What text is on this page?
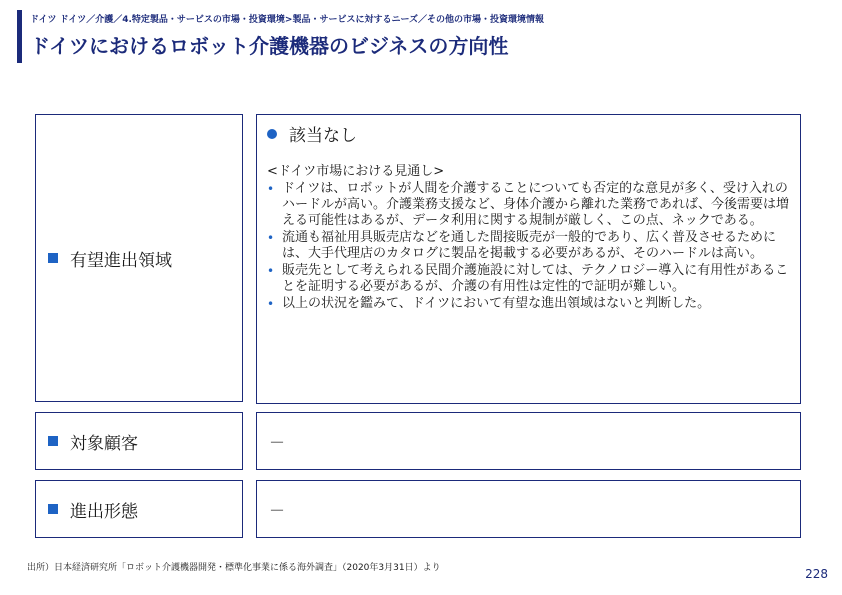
ドイツ ドイツ／介護／4.特定製品・サービスの市場・投資環境>製品・サービスに対するニーズ／その他の市場・投資環境情報
ドイツにおけるロボット介護機器のビジネスの方向性
有望進出領域
該当なし
<ドイツ市場における見通し>
• ドイツは、ロボットが人間を介護することについても否定的な意見が多く、受け入れのハードルが高い。介護業務支援など、身体介護から離れた業務であれば、今後需要は増える可能性はあるが、データ利用に関する規制が厳しく、この点、ネックである。
• 流通も福祉用具販売店などを通した間接販売が一般的であり、広く普及させるためには、大手代理店のカタログに製品を掲載する必要があるが、そのハードルは高い。
• 販売先として考えられる民間介護施設に対しては、テクノロジー導入に有用性があることを証明する必要があるが、介護の有用性は定性的で証明が難しい。
• 以上の状況を鑑みて、ドイツにおいて有望な進出領域はないと判断した。
対象顧客	－
進出形態	－
出所）日本経済研究所「ロボット介護機器開発・標準化事業に係る海外調査」（2020年3月31日）より	228
